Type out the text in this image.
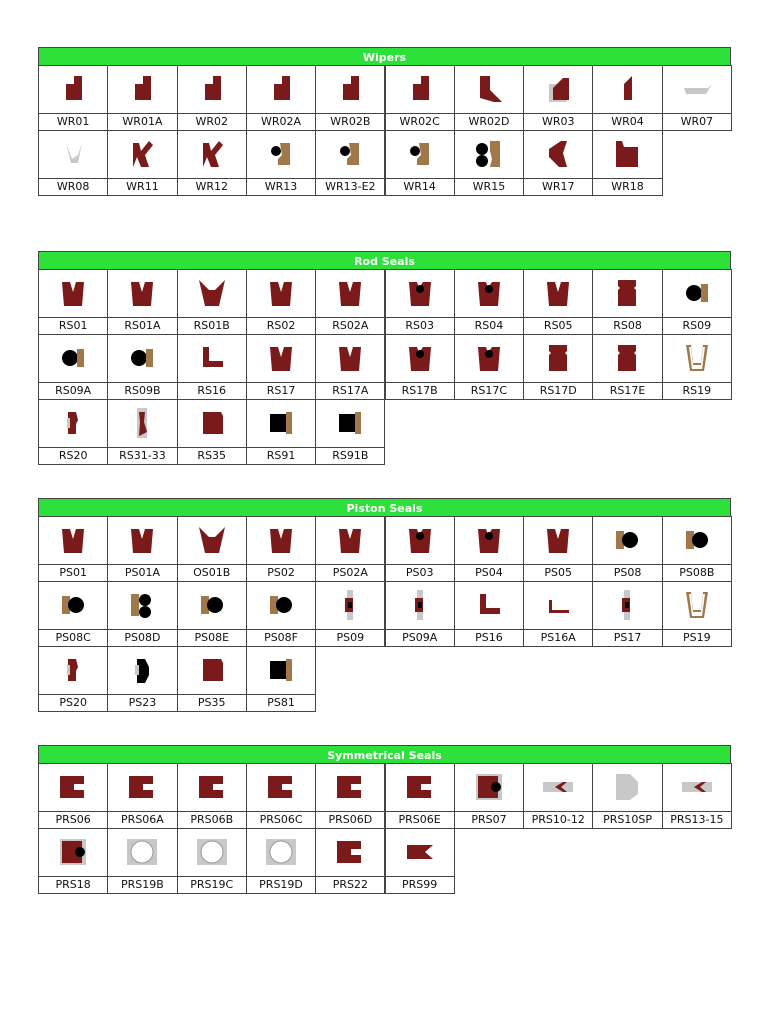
Wipers
WR01	WR01A	WR02	WR02A	WR02B	WR02C	WR02D	WR03	WR04	WR07
WR08	WR11	WR12	WR13	WR13-E2	WR14	WR15	WR17	WR18
Rod Seals
RS01	RS01A	RS01B	RS02	RS02A	RS03	RS04	RS05	RS08	RS09
RS09A	RS09B	RS16	RS17	RS17A	RS17B	RS17C	RS17D	RS17E	RS19
RS20	RS31-33	RS35	RS91	RS91B
Piston Seals
PS01	PS01A	OS01B	PS02	PS02A	PS03	PS04	PS05	PS08	PS08B
PS08C	PS08D	PS08E	PS08F	PS09	PS09A	PS16	PS16A	PS17	PS19
PS20	PS23	PS35	PS81
Symmetrical Seals
PRS06	PRS06A	PRS06B	PRS06C	PRS06D	PRS06E	PRS07	PRS10-12	PRS10SP	PRS13-15
PRS18	PRS19B	PRS19C	PRS19D	PRS22	PRS99
